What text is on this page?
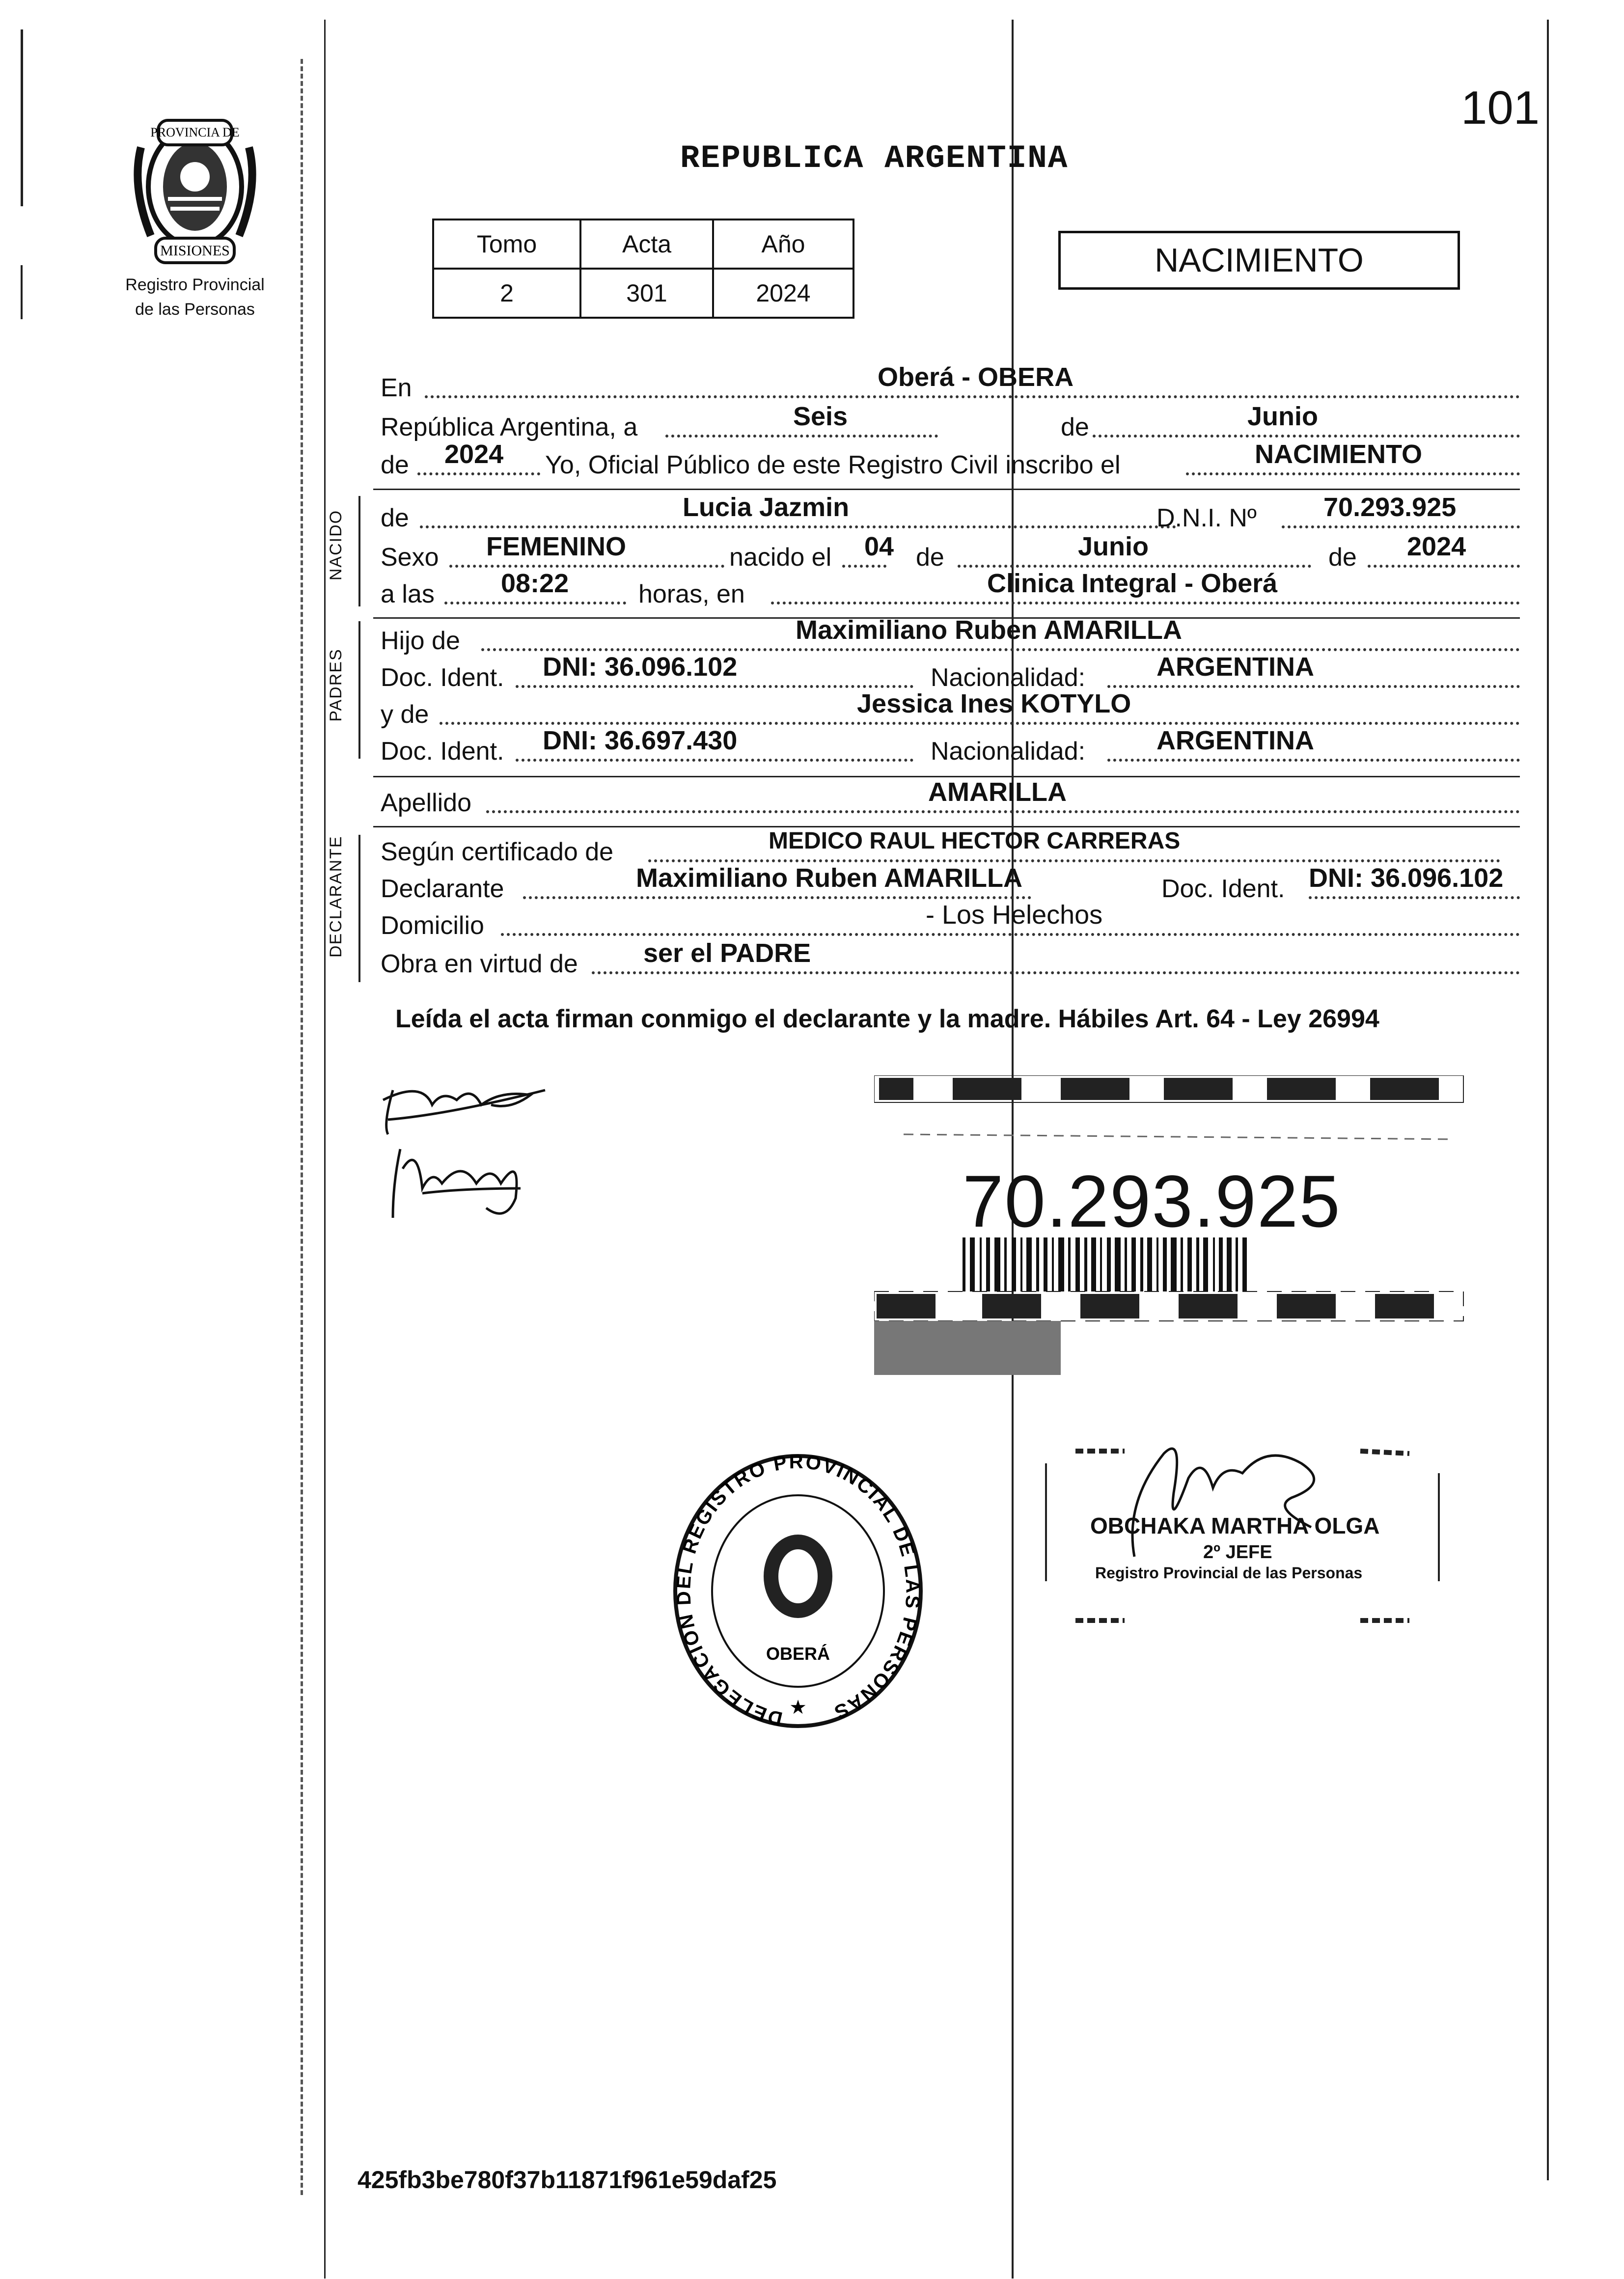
PROVINCIA DE
MISIONES
Registro Provincial
de las Personas
101
REPUBLICA ARGENTINA
Tomo	Acta	Año
2	301	2024
NACIMIENTO
En	Oberá - OBERA
República Argentina, a	Seis	de	Junio
de 2024 Yo, Oficial Público de este Registro Civil inscribo el	NACIMIENTO
NACIDO de	Lucia Jazmin	D.N.I. Nº	70.293.925
Sexo FEMENINO	nacido el 04 de	Junio	de 2024
a las	08:22	horas, en	Clinica Integral - Oberá
PADRES
Hijo de	Maximiliano Ruben AMARILLA
Doc. Ident. DNI: 36.096.102	Nacionalidad:	ARGENTINA
y de	Jessica Ines KOTYLO
Doc. Ident. DNI: 36.697.430	Nacionalidad:	ARGENTINA
Apellido	AMARILLA
DECLARANTE Según certificado de	MEDICO RAUL HECTOR CARRERAS
Declarante	Maximiliano Ruben AMARILLA	Doc. Ident. DNI: 36.096.102
Domicilio	- Los Helechos
Obra en virtud de ser el PADRE
Leída el acta firman conmigo el declarante y la madre. Hábiles Art. 64 - Ley 26994
70.293.925
DELEGACION DEL REGISTRO PROVINCIAL DE LAS PERSONAS
OBERÁ
★
OBCHAKA MARTHA OLGA
2º JEFE
Registro Provincial de las Personas
425fb3be780f37b11871f961e59daf25
